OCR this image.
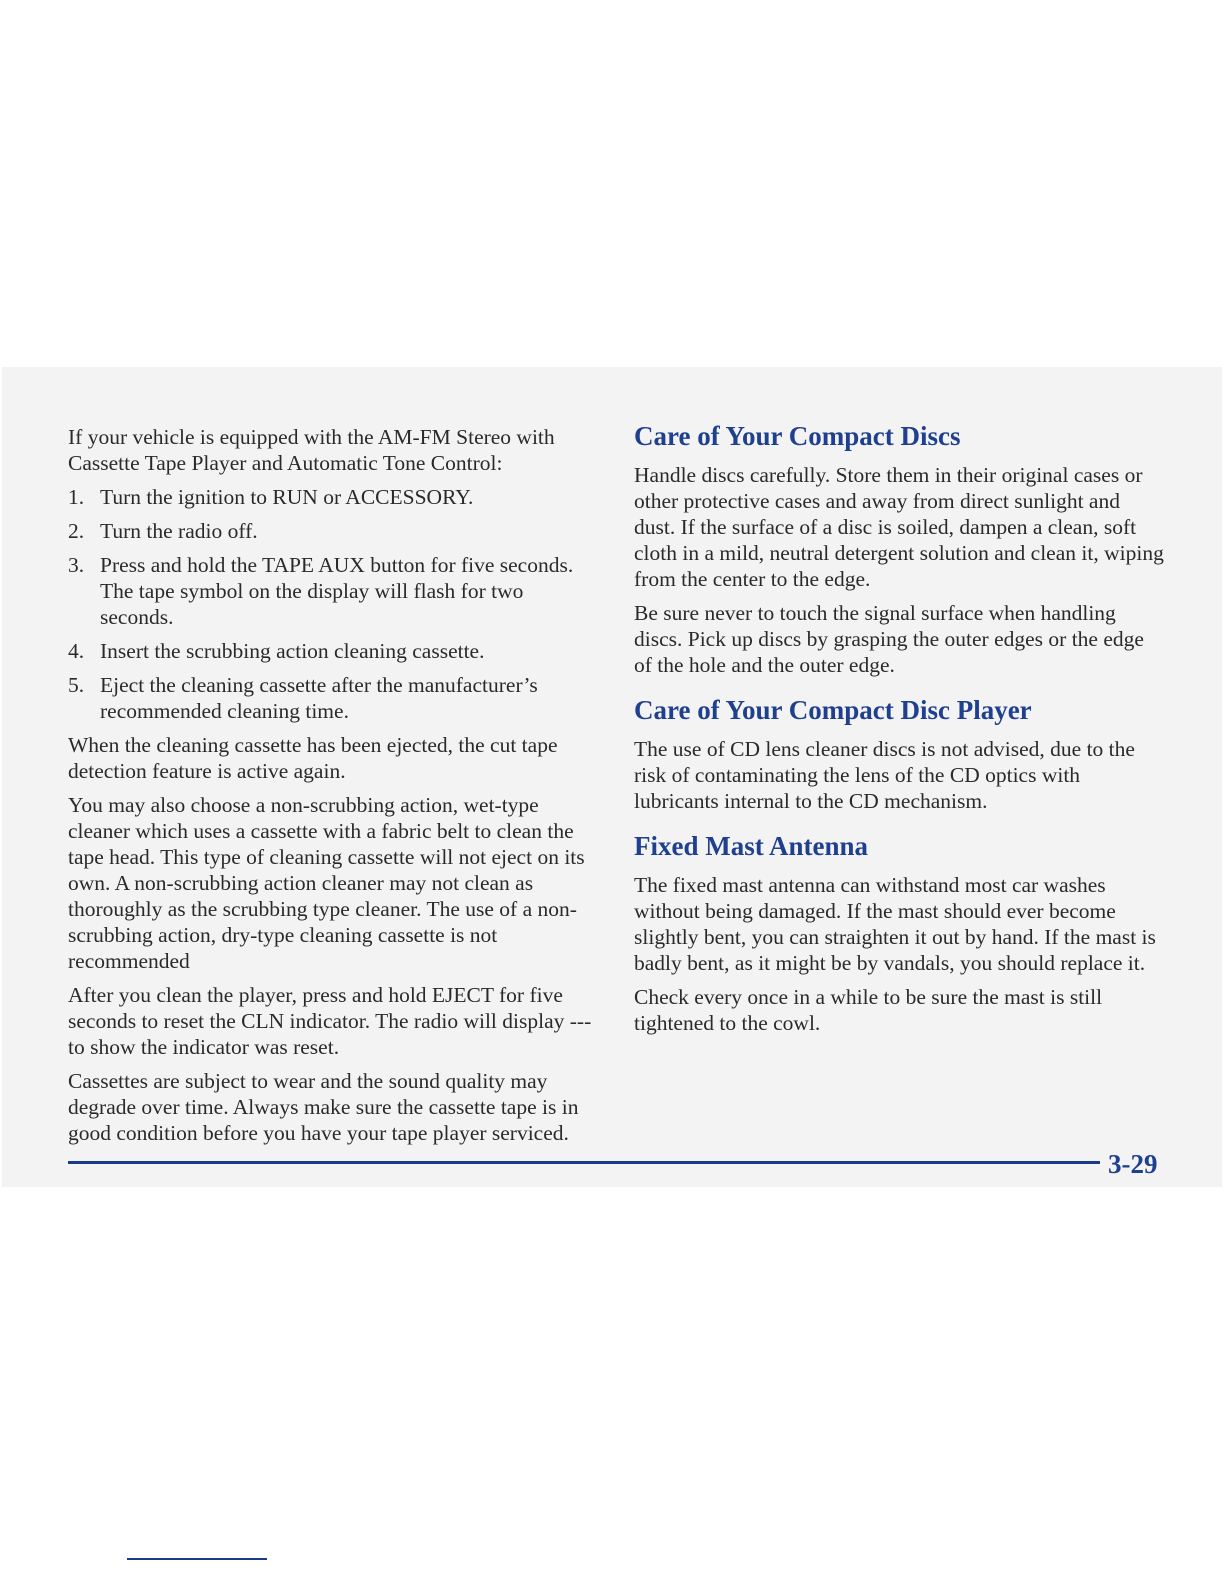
If your vehicle is equipped with the AM-FM Stereo with Cassette Tape Player and Automatic Tone Control:

1. Turn the ignition to RUN or ACCESSORY.
2. Turn the radio off.
3. Press and hold the TAPE AUX button for five seconds. The tape symbol on the display will flash for two seconds.
4. Insert the scrubbing action cleaning cassette.
5. Eject the cleaning cassette after the manufacturer’s recommended cleaning time.

When the cleaning cassette has been ejected, the cut tape detection feature is active again.

You may also choose a non-scrubbing action, wet-type cleaner which uses a cassette with a fabric belt to clean the tape head. This type of cleaning cassette will not eject on its own. A non-scrubbing action cleaner may not clean as thoroughly as the scrubbing type cleaner. The use of a non-scrubbing action, dry-type cleaning cassette is not recommended

After you clean the player, press and hold EJECT for five seconds to reset the CLN indicator. The radio will display --- to show the indicator was reset.

Cassettes are subject to wear and the sound quality may degrade over time. Always make sure the cassette tape is in good condition before you have your tape player serviced.

Care of Your Compact Discs

Handle discs carefully. Store them in their original cases or other protective cases and away from direct sunlight and dust. If the surface of a disc is soiled, dampen a clean, soft cloth in a mild, neutral detergent solution and clean it, wiping from the center to the edge.

Be sure never to touch the signal surface when handling discs. Pick up discs by grasping the outer edges or the edge of the hole and the outer edge.

Care of Your Compact Disc Player

The use of CD lens cleaner discs is not advised, due to the risk of contaminating the lens of the CD optics with lubricants internal to the CD mechanism.

Fixed Mast Antenna

The fixed mast antenna can withstand most car washes without being damaged. If the mast should ever become slightly bent, you can straighten it out by hand. If the mast is badly bent, as it might be by vandals, you should replace it.

Check every once in a while to be sure the mast is still tightened to the cowl.

3-29
